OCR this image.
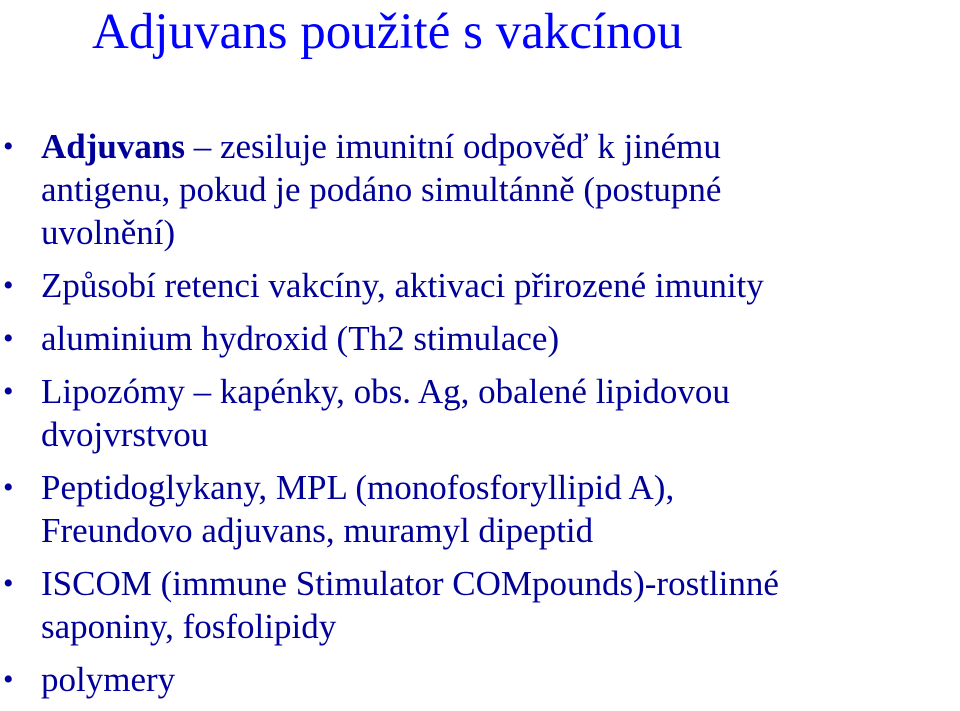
Adjuvans použité s vakcínou
• Adjuvans – zesiluje imunitní odpověď k jinému
antigenu, pokud je podáno simultánně (postupné
uvolnění)
• Způsobí retenci vakcíny, aktivaci přirozené imunity
• aluminium hydroxid (Th2 stimulace)
• Lipozómy – kapénky, obs. Ag, obalené lipidovou
dvojvrstvou
• Peptidoglykany, MPL (monofosforyllipid A),
Freundovo adjuvans, muramyl dipeptid
• ISCOM (immune Stimulator COMpounds)-rostlinné
saponiny, fosfolipidy
• polymery
